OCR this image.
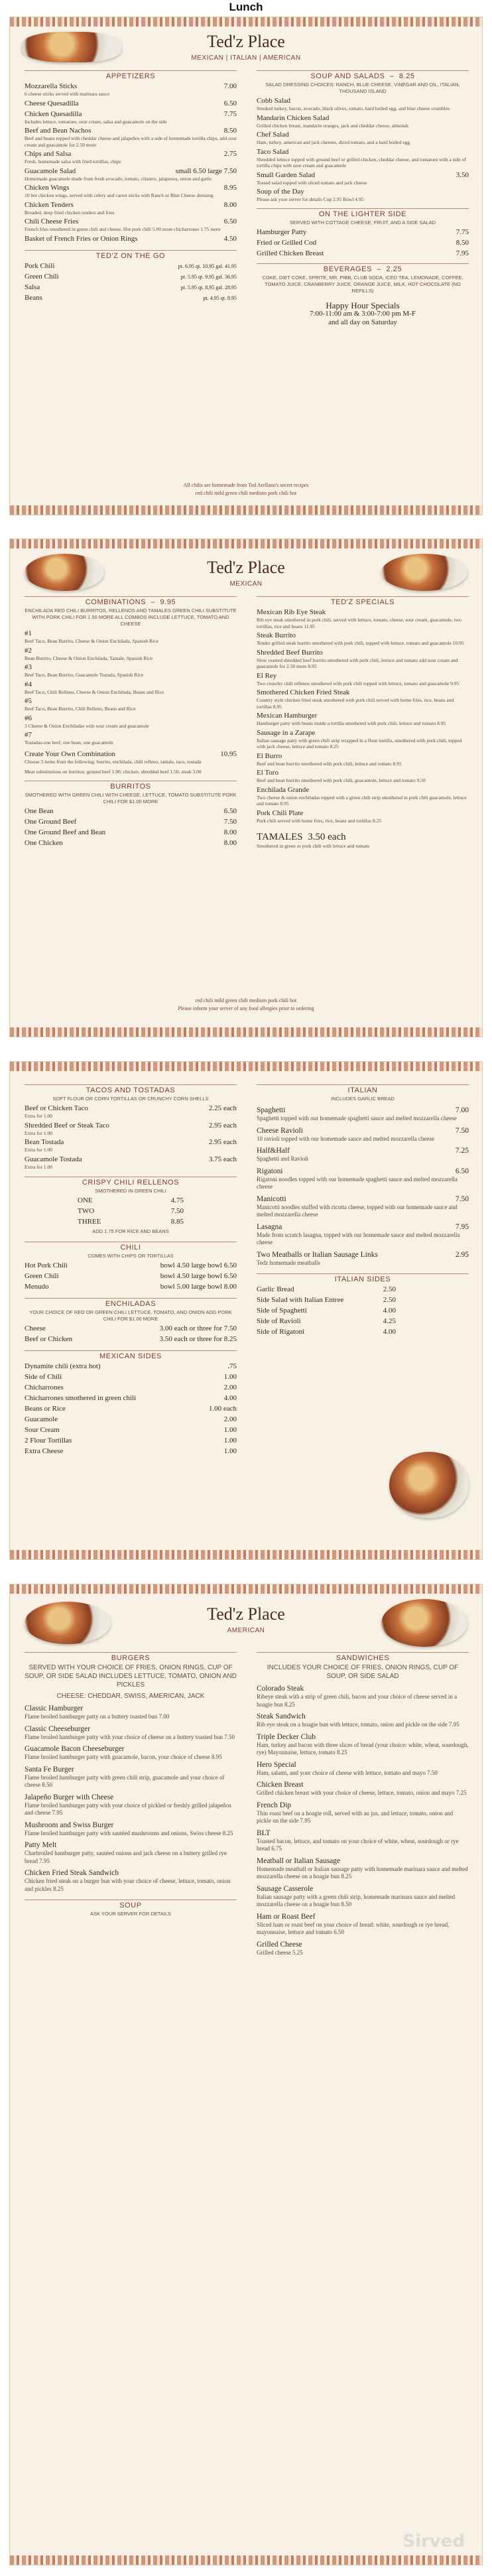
Lunch
Ted'z Place
MEXICAN | ITALIAN | AMERICAN
APPETIZERS
Mozzarella Sticks	7.00
6 cheese sticks served with marinara sauce
Cheese Quesadilla	6.50
Chicken Quesadilla	7.75
Includes lettuce, tomatoes, sour cream, salsa and guacamole on the side
Beef and Bean Nachos	8.50
Beef and beans topped with cheddar cheese and jalapeños with a side of homemade tortilla chips, add sour cream and guacamole for 2.50 more
Chips and Salsa	2.75
Fresh, homemade salsa with fried tortillas, chips
Guacamole Salad	small 6.50 large 7.50
Homemade guacamole made from fresh avocado, tomato, cilantro, jalapenos, onion and garlic
Chicken Wings	8.95
10 hot chicken wings, served with celery and carrot sticks with Ranch or Blue Cheese dressing
Chicken Tenders	8.00
Breaded, deep fried chicken tenders and fries
Chili Cheese Fries	6.50
French fries smothered in green chili and cheese. Hot pork chili 5.00 more chicharrones 1.75 more
Basket of French Fries or Onion Rings	4.50
TED'Z ON THE GO
Pork Chili	pt. 6.95 qt. 10.95 gal. 41.95
Green Chili	pt. 5.95 qt. 9.95 gal. 36.95
Salsa	pt. 5.95 qt. 8.95 gal. 28.95
Beans	pt. 4.95 qt. 8.95
SOUP AND SALADS  –  8.25
SALAD DRESSING CHOICES: RANCH, BLUE CHEESE, VINEGAR AND OIL, ITALIAN, THOUSAND ISLAND
Cobb Salad
Smoked turkey, bacon, avocado, black olives, tomato, hard boiled egg, and blue cheese crumbles
Mandarin Chicken Salad
Grilled chicken breast, mandarin oranges, jack and cheddar cheese, almonds
Chef Salad
Ham, turkey, american and jack cheeses, diced tomato, and a hard boiled egg
Taco Salad
Shredded lettuce topped with ground beef or grilled chicken, cheddar cheese, and tomatoes with a side of tortilla chips with sour cream and guacamole
Small Garden Salad	3.50
Tossed salad topped with sliced tomato and jack cheese
Soup of the Day
Please ask your server for details Cup 2.95 Bowl 4.95
ON THE LIGHTER SIDE
SERVED WITH COTTAGE CHEESE, FRUIT, AND A SIDE SALAD
Hamburger Patty	7.75
Fried or Grilled Cod	8.50
Grilled Chicken Breast	7.95
BEVERAGES  –  2.25
COKE, DIET COKE, SPRITE, MR. PIBB, CLUB SODA, ICED TEA, LEMONADE, COFFEE, TOMATO JUICE, CRANBERRY JUICE, ORANGE JUICE, MILK, HOT CHOCOLATE (NO REFILLS)
Happy Hour Specials
7:00-11:00 am & 3:00-7:00 pm M-F
and all day on Saturday
All chilis are homemade from Ted Arellano's secret recipes
red chili mild green chili medium pork chili hot
Ted'z Place
MEXICAN
COMBINATIONS  –  9.95
ENCHILADA RED CHILI BURRITOS, RELLENOS AND TAMALES GREEN CHILI SUBSTITUTE WITH PORK CHILI FOR 1.50 MORE ALL COMBOS INCLUDE LETTUCE, TOMATO AND CHEESE
#1
Beef Taco, Bean Burrito, Cheese & Onion Enchilada, Spanish Rice
#2
Bean Burrito, Cheese & Onion Enchilada, Tamale, Spanish Rice
#3
Beef Taco, Bean Burrito, Guacamole Tostada, Spanish Rice
#4
Beef Taco, Chili Relleno, Cheese & Onion Enchilada, Beans and Rice
#5
Beef Taco, Bean Burrito, Chili Relleno, Beans and Rice
#6
3 Cheese & Onion Enchiladas with sour cream and guacamole
#7
Tostadas-one beef, one bean, one guacamole
Create Your Own Combination	10.95
Choose 3 items from the following: burrito, enchilada, chili relleno, tamale, taco, tostada
Meat substitutions on burritos: ground beef 1.00, chicken, shredded beef 1.50, steak 3.00
BURRITOS
SMOTHERED WITH GREEN CHILI WITH CHEESE, LETTUCE, TOMATO SUBSTITUTE PORK CHILI FOR $1.00 MORE
One Bean	6.50
One Ground Beef	7.50
One Ground Beef and Bean	8.00
One Chicken	8.00
TED'Z SPECIALS
Mexican Rib Eye Steak
Rib eye steak smothered in pork chili, served with lettuce, tomato, cheese, sour cream, guacamole, two tortillas, rice and beans 11.95
Steak Burrito
Tender grilled steak burrito smothered with pork chili, topped with lettuce, tomato and guacamole 10.95
Shredded Beef Burrito
Slow roasted shredded beef burrito smothered with pork chili, lettuce and tomato add sour cream and guacamole for 2.50 more 8.95
El Rey
Two crunchy chili rellenos smothered with pork chili topped with lettuce, tomato and guacamole 9.95
Smothered Chicken Fried Steak
Country style chicken fried steak smothered with pork chili served with home fries, rice, beans and tortillas 8.95
Mexican Hamburger
Hamburger patty with beans inside a tortilla smothered with pork chili, lettuce and tomato 8.95
Sausage in a Zarape
Italian sausage patty with green chili strip wrapped in a flour tortilla, smothered with pork chili, topped with jack cheese, lettuce and tomato 8.25
El Burro
Beef and bean burrito smothered with pork chili, lettuce and tomato 8.95
El Toro
Beef and bean burrito smothered with pork chili, guacamole, lettuce and tomato 9.50
Enchilada Grande
Two cheese & onion enchiladas topped with a green chili strip smothered in pork chili guacamole, lettuce and tomato 8.95
Pork Chili Plate
Pork chili served with home fries, rice, beans and tortillas 8.25
TAMALES 3.50 each
Smothered in green or pork chili with lettuce and tomato
red chili mild green chili medium pork chili hot
Please inform your server of any food allergies prior to ordering
TACOS AND TOSTADAS
SOFT FLOUR OR CORN TORTILLAS OR CRUNCHY CORN SHELLS
Beef or Chicken Taco	2.25 each
Extra for 1.00
Shredded Beef or Steak Taco	2.95 each
Extra for 1.00
Bean Tostada	2.95 each
Extra for 1.00
Guacamole Tostada	3.75 each
Extra for 1.00
CRISPY CHILI RELLENOS
SMOTHERED IN GREEN CHILI
ONE	4.75
TWO	7.50
THREE	8.85
ADD 1.75 FOR RICE AND BEANS
CHILI
COMES WITH CHIPS OR TORTILLAS
Hot Pork Chili	bowl 4.50 large bowl 6.50
Green Chili	bowl 4.50 large bowl 6.50
Menudo	bowl 5.00 large bowl 8.00
ENCHILADAS
YOUR CHOICE OF RED OR GREEN CHILI LETTUCE, TOMATO, AND ONION ADD PORK CHILI FOR $1.00 MORE
Cheese	3.00 each or three for 7.50
Beef or Chicken	3.50 each or three for 8.25
MEXICAN SIDES
Dynamite chili (extra hot)	.75
Side of Chili	1.00
Chicharrones	2.00
Chicharrones smothered in green chili	4.00
Beans or Rice	1.00 each
Guacamole	2.00
Sour Cream	1.00
2 Flour Tortillas	1.00
Extra Cheese	1.00
ITALIAN
INCLUDES GARLIC BREAD
Spaghetti	7.00
Spaghetti topped with our homemade spaghetti sauce and melted mozzarella cheese
Cheese Ravioli	7.50
10 ravioli topped with our homemade sauce and melted mozzarella cheese
Half&Half	7.25
Spaghetti and Ravioli
Rigatoni	6.50
Rigatoni noodles topped with our homemade spaghetti sauce and melted mozzarella cheese
Manicotti	7.50
Manicotti noodles stuffed with ricotta cheese, topped with our homemade sauce and melted mozzarella cheese
Lasagna	7.95
Made from scratch lasagna, topped with our homemade sauce and melted mozzarella cheese
Two Meatballs or Italian Sausage Links	2.95
Tedz homemade meatballs
ITALIAN SIDES
Garlic Bread	2.50
Side Salad with Italian Entree	2.50
Side of Spaghetti	4.00
Side of Ravioli	4.25
Side of Rigatoni	4.00
Ted'z Place
AMERICAN
BURGERS
SERVED WITH YOUR CHOICE OF FRIES, ONION RINGS, CUP OF SOUP, OR SIDE SALAD INCLUDES LETTUCE, TOMATO, ONION AND PICKLES
CHEESE: CHEDDAR, SWISS, AMERICAN, JACK
Classic Hamburger
Flame broiled hamburger patty on a buttery toasted bun 7.00
Classic Cheeseburger
Flame broiled hamburger patty with your choice of cheese on a buttery toasted bun 7.50
Guacamole Bacon Cheeseburger
Flame broiled hamburger patty with guacamole, bacon, your choice of cheese 8.95
Santa Fe Burger
Flame broiled hamburger patty with green chili strip, guacamole and your choice of cheese 8.50
Jalapeño Burger with Cheese
Flame broiled hamburger patty with your choice of pickled or freshly grilled jalapeños and cheese 7.95
Mushroom and Swiss Burger
Flame broiled hamburger patty with sautéed mushrooms and onions, Swiss cheese 8.25
Patty Melt
Charbroiled hamburger patty, sautéed onions and jack cheese on a buttery grilled rye bread 7.95
Chicken Fried Steak Sandwich
Chicken fried steak on a burger bun with your choice of cheese, lettuce, tomato, onion and pickles 8.25
SOUP
ASK YOUR SERVER FOR DETAILS
SANDWICHES
INCLUDES YOUR CHOICE OF FRIES, ONION RINGS, CUP OF SOUP, OR SIDE SALAD
Colorado Steak
Ribeye steak with a strip of green chili, bacon and your choice of cheese served in a hoagie bun 8.25
Steak Sandwich
Rib eye steak on a hoagie bun with lettuce, tomato, onion and pickle on the side 7.95
Triple Decker Club
Ham, turkey and bacon with three slices of bread (your choice: white, wheat, sourdough, rye) Mayonnaise, lettuce, tomato 8.25
Hero Special
Ham, salami, and your choice of cheese with lettuce, tomato and mayo 7.50
Chicken Breast
Grilled chicken breast with your choice of cheese, lettuce, tomato, onion and mayo 7.25
French Dip
Thin roast beef on a hoagie roll, served with au jus, and lettuce, tomato, onion and pickle on the side 7.95
BLT
Toasted bacon, lettuce, and tomato on your choice of white, wheat, sourdough or rye bread 6.75
Meatball or Italian Sausage
Homemade meatball or Italian sausage patty with homemade marinara sauce and melted mozzarella cheese on a hoagie bun 8.25
Sausage Casserole
Italian sausage patty with a green chili strip, homemade marinara sauce and melted mozzarella cheese on a hoagie bun 8.50
Ham or Roast Beef
Sliced ham or roast beef on your choice of bread: white, sourdough or rye bread, mayonnaise, lettuce and tomato 6.50
Grilled Cheese
Grilled cheese 5.25
Sirved
